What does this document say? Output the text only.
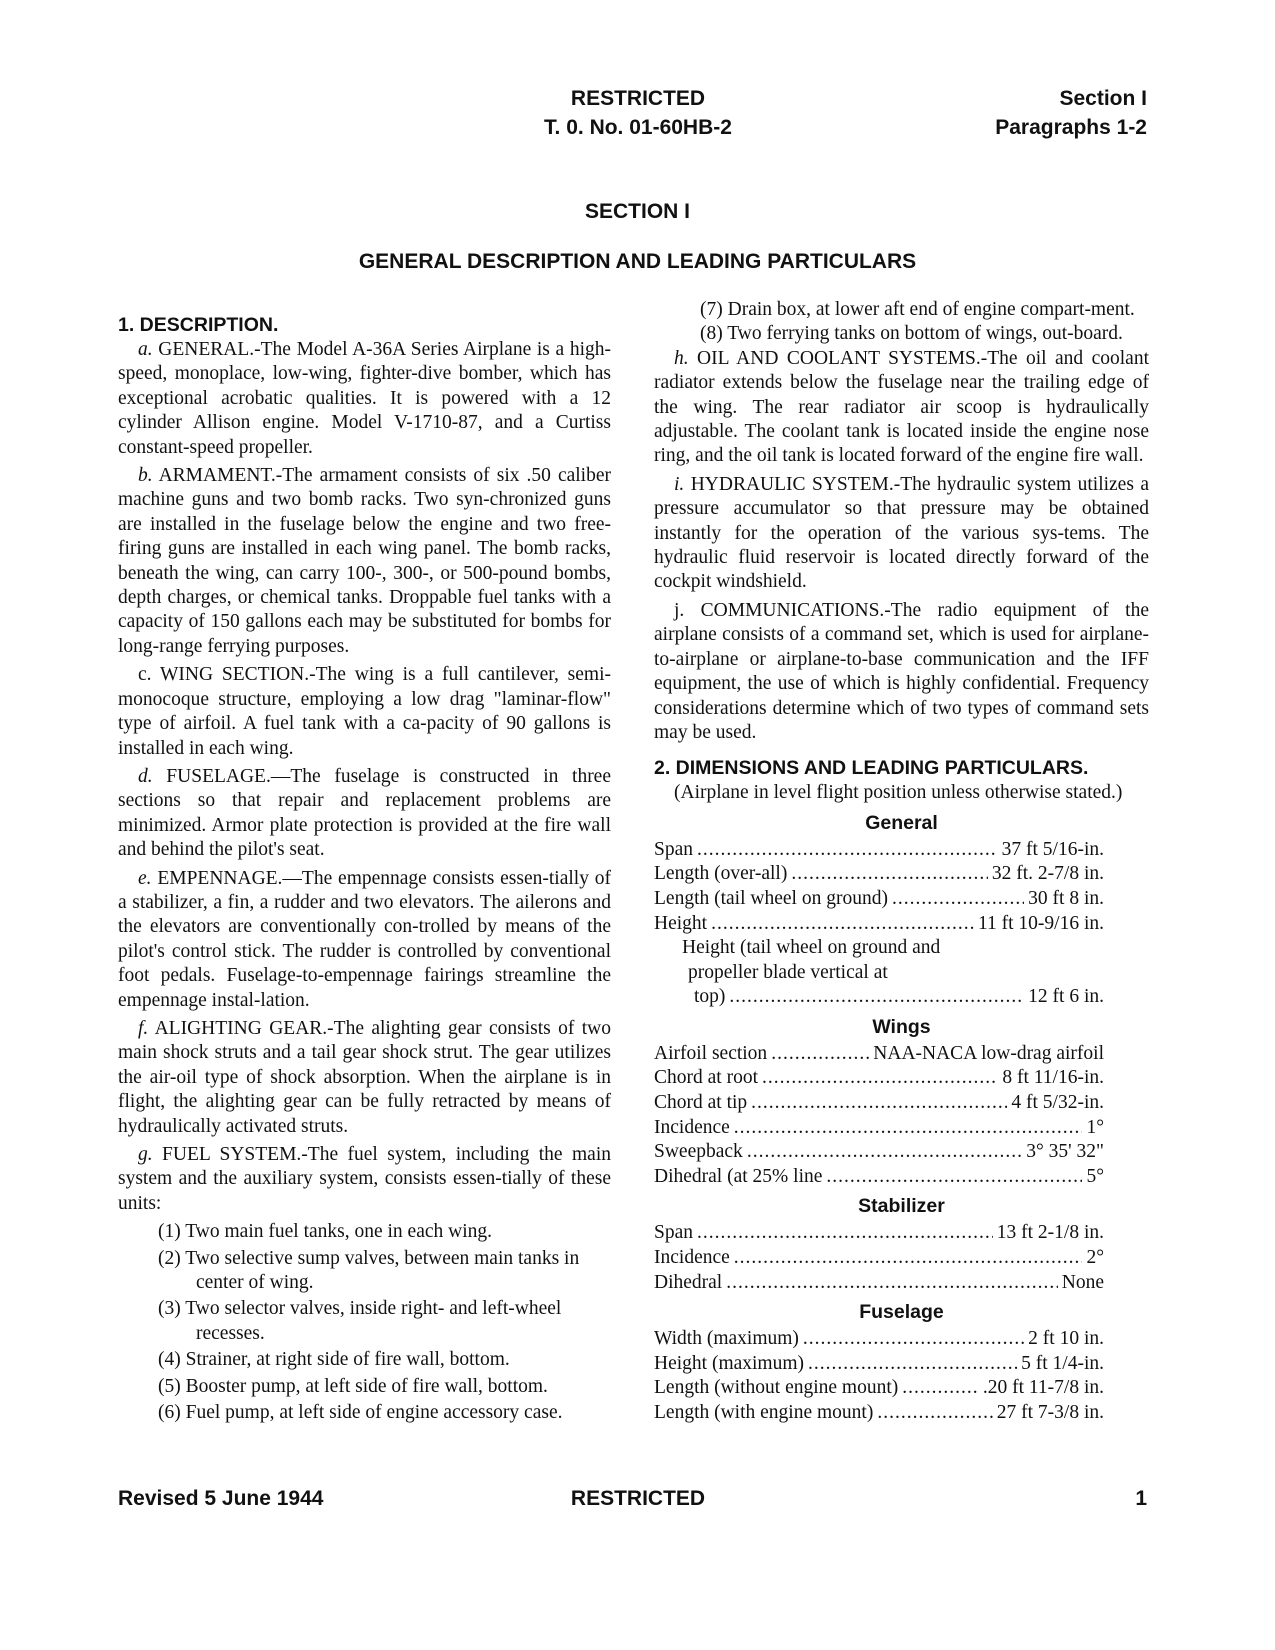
RESTRICTED
T. 0. No. 01-60HB-2
Section I
Paragraphs 1-2
SECTION I
GENERAL DESCRIPTION AND LEADING PARTICULARS
1. DESCRIPTION.

a. GENERAL.-The Model A-36A Series Airplane is a high-speed, monoplace, low-wing, fighter-dive bomber, which has exceptional acrobatic qualities. It is powered with a 12 cylinder Allison engine. Model V-1710-87, and a Curtiss constant-speed propeller.

b. ARMAMENT.-The armament consists of six .50 caliber machine guns and two bomb racks. Two syn-chronized guns are installed in the fuselage below the engine and two free-firing guns are installed in each wing panel. The bomb racks, beneath the wing, can carry 100-, 300-, or 500-pound bombs, depth charges, or chemical tanks. Droppable fuel tanks with a capacity of 150 gallons each may be substituted for bombs for long-range ferrying purposes.

c. WING SECTION.-The wing is a full cantilever, semi-monocoque structure, employing a low drag "laminar-flow" type of airfoil. A fuel tank with a ca-pacity of 90 gallons is installed in each wing.

d. FUSELAGE.—The fuselage is constructed in three sections so that repair and replacement problems are minimized. Armor plate protection is provided at the fire wall and behind the pilot's seat.

e. EMPENNAGE.—The empennage consists essen-tially of a stabilizer, a fin, a rudder and two elevators. The ailerons and the elevators are conventionally con-trolled by means of the pilot's control stick. The rudder is controlled by conventional foot pedals. Fuselage-to-empennage fairings streamline the empennage instal-lation.

f. ALIGHTING GEAR.-The alighting gear consists of two main shock struts and a tail gear shock strut. The gear utilizes the air-oil type of shock absorption. When the airplane is in flight, the alighting gear can be fully retracted by means of hydraulically activated struts.

g. FUEL SYSTEM.-The fuel system, including the main system and the auxiliary system, consists essen-tially of these units:

(1) Two main fuel tanks, one in each wing.
(2) Two selective sump valves, between main tanks in center of wing.
(3) Two selector valves, inside right- and left-wheel recesses.
(4) Strainer, at right side of fire wall, bottom.
(5) Booster pump, at left side of fire wall, bottom.
(6) Fuel pump, at left side of engine accessory case.
(7) Drain box, at lower aft end of engine compart-ment.
(8) Two ferrying tanks on bottom of wings, out-board.

h. OIL AND COOLANT SYSTEMS.-The oil and coolant radiator extends below the fuselage near the trailing edge of the wing. The rear radiator air scoop is hydraulically adjustable. The coolant tank is located inside the engine nose ring, and the oil tank is located forward of the engine fire wall.

i. HYDRAULIC SYSTEM.-The hydraulic system utilizes a pressure accumulator so that pressure may be obtained instantly for the operation of the various sys-tems. The hydraulic fluid reservoir is located directly forward of the cockpit windshield.

j. COMMUNICATIONS.-The radio equipment of the airplane consists of a command set, which is used for airplane-to-airplane or airplane-to-base communication and the IFF equipment, the use of which is highly confidential. Frequency considerations determine which of two types of command sets may be used.

2. DIMENSIONS AND LEADING PARTICULARS.

(Airplane in level flight position unless otherwise stated.)

General
Span .....	37 ft 5/16-in.
Length (over-all) .....	32 ft. 2-7/8 in.
Length (tail wheel on ground) .....	30 ft 8 in.
Height .....	11 ft 10-9/16 in.
Height (tail wheel on ground and
propeller blade vertical at
top) .....	12 ft 6 in.
Wings
Airfoil section .....	NAA-NACA low-drag airfoil
Chord at root .....	8 ft 11/16-in.
Chord at tip .....	4 ft 5/32-in.
Incidence .....	1°
Sweepback .....	3° 35' 32"
Dihedral (at 25% line .....	5°
Stabilizer
Span .....	13 ft 2-1/8 in.
Incidence .....	2°
Dihedral .....	None
Fuselage
Width (maximum) .....	2 ft 10 in.
Height (maximum) .....	5 ft 1/4-in.
Length (without engine mount) .....	.20 ft 11-7/8 in.
Length (with engine mount) .....	27 ft 7-3/8 in.
Revised 5 June 1944	RESTRICTED	1
